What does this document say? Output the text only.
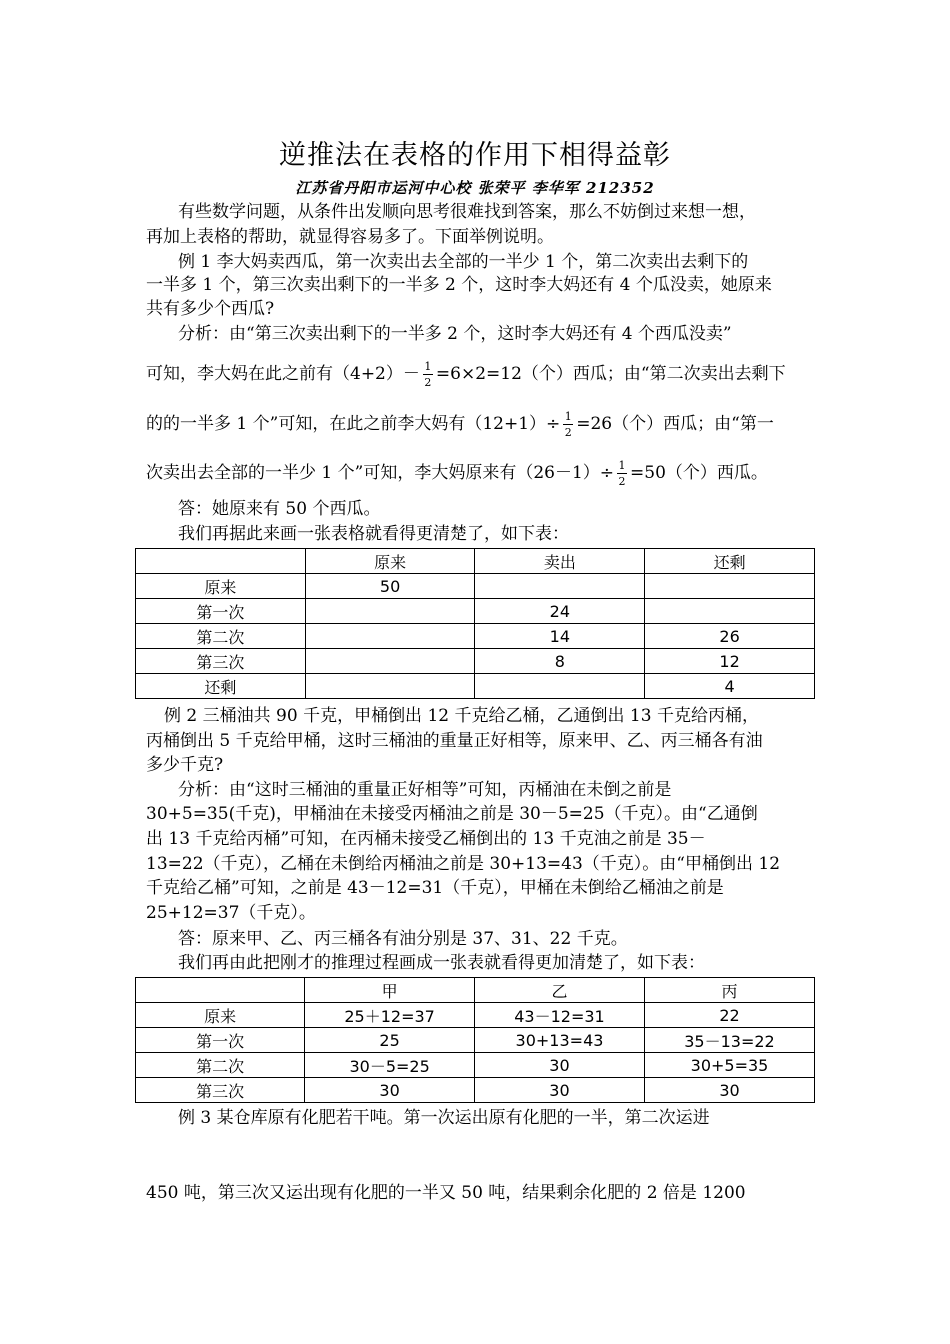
逆推法在表格的作用下相得益彰
江苏省丹阳市运河中心校 张荣平 李华军 212352
有些数学问题，从条件出发顺向思考很难找到答案，那么不妨倒过来想一想，
再加上表格的帮助，就显得容易多了。下面举例说明。
例 1 李大妈卖西瓜，第一次卖出去全部的一半少 1 个，第二次卖出去剩下的
一半多 1 个，第三次卖出剩下的一半多 2 个，这时李大妈还有 4 个瓜没卖，她原来
共有多少个西瓜?
分析：由“第三次卖出剩下的一半多 2 个，这时李大妈还有 4 个西瓜没卖”
可知，李大妈在此之前有$(4+2)- \frac{1}{2} =6\times 2=12$（个）西瓜；由“第二次卖出去剩下
的的一半多 1 个”可知，在此之前李大妈有$(12+1)\div \frac{1}{2} =26$（个）西瓜；由“第一
次卖出去全部的一半少 1 个”可知，李大妈原来有$(26-1)\div \frac{1}{2} =50$（个）西瓜。
答：她原来有 50 个西瓜。
我们再据此来画一张表格就看得更清楚了，如下表：
	原来	卖出	还剩
原来	50		
第一次		24	
第二次		14	26
第三次		8	12
还剩			4
例 2 三桶油共 90 千克，甲桶倒出 12 千克给乙桶，乙通倒出 13 千克给丙桶，
丙桶倒出 5 千克给甲桶，这时三桶油的重量正好相等，原来甲、乙、丙三桶各有油
多少千克?
分析：由“这时三桶油的重量正好相等”可知，丙桶油在未倒之前是
30+5=35(千克)，甲桶油在未接受丙桶油之前是 30－5=25（千克）。由“乙通倒
出 13 千克给丙桶”可知，在丙桶未接受乙桶倒出的 13 千克油之前是 35－
13=22（千克），乙桶在未倒给丙桶油之前是 30+13=43（千克）。由“甲桶倒出 12
千克给乙桶”可知，之前是 43－12=31（千克），甲桶在未倒给乙桶油之前是
25+12=37（千克）。
答：原来甲、乙、丙三桶各有油分别是 37、31、22 千克。
我们再由此把刚才的推理过程画成一张表就看得更加清楚了，如下表：
	甲	乙	丙
原来	25＋12=37	43－12=31	22
第一次	25	30+13=43	35－13=22
第二次	30－5=25	30	30+5=35
第三次	30	30	30
例 3 某仓库原有化肥若干吨。第一次运出原有化肥的一半，第二次运进
450 吨，第三次又运出现有化肥的一半又 50 吨，结果剩余化肥的 2 倍是 1200
